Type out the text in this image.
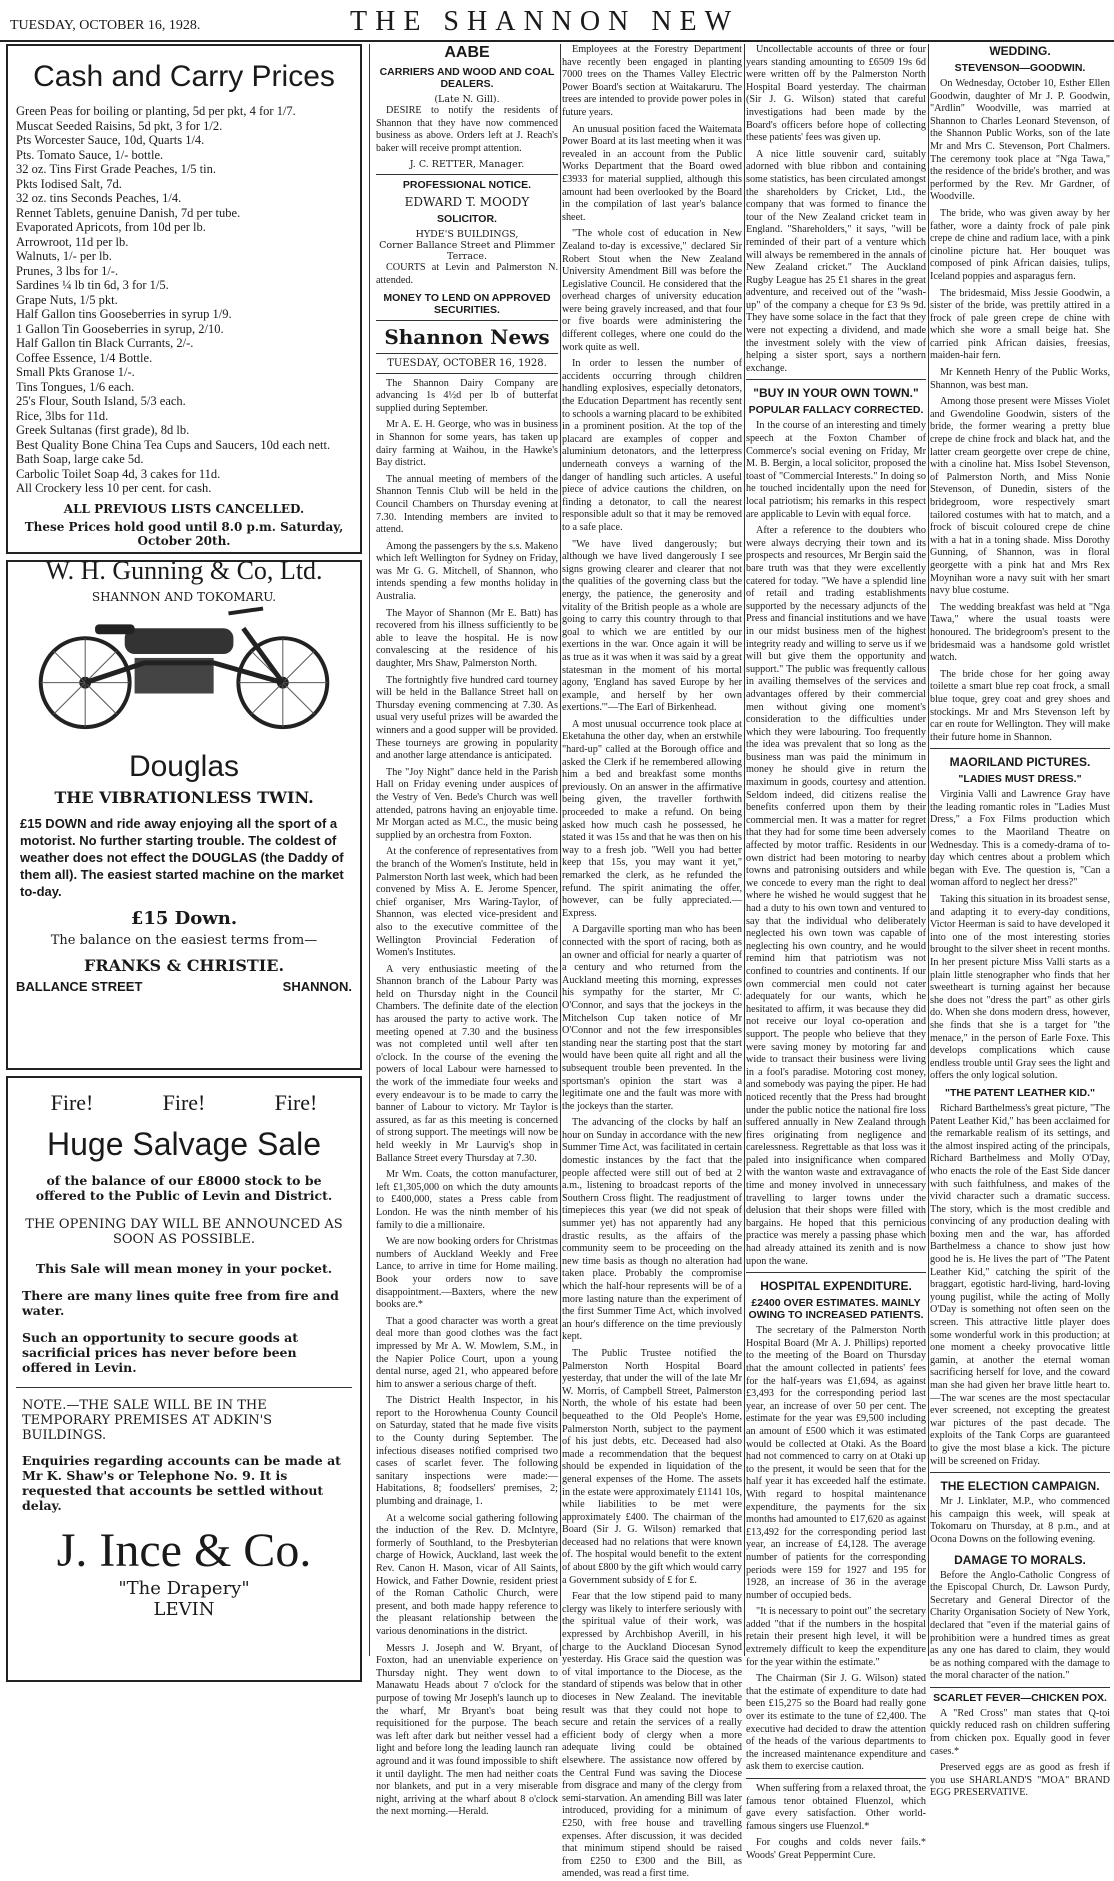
TUESDAY, OCTOBER 16, 1928.	THE SHANNON NEW
Cash and Carry Prices
Green Peas for boiling or planting, 5d per pkt, 4 for 1/7.
Muscat Seeded Raisins, 5d pkt, 3 for 1/2.
Pts Worcester Sauce, 10d, Quarts 1/4.
Pts. Tomato Sauce, 1/- bottle.
32 oz. Tins First Grade Peaches, 1/5 tin.
Pkts Iodised Salt, 7d.
32 oz. tins Seconds Peaches, 1/4.
Rennet Tablets, genuine Danish, 7d per tube.
Evaporated Apricots, from 10d per lb.
Arrowroot, 11d per lb.
Walnuts, 1/- per lb.
Prunes, 3 lbs for 1/-.
Sardines ¼ lb tin 6d, 3 for 1/5.
Grape Nuts, 1/5 pkt.
Half Gallon tins Gooseberries in syrup 1/9.
1 Gallon Tin Gooseberries in syrup, 2/10.
Half Gallon tin Black Currants, 2/-.
Coffee Essence, 1/4 Bottle.
Small Pkts Granose 1/-.
Tins Tongues, 1/6 each.
25's Flour, South Island, 5/3 each.
Rice, 3lbs for 11d.
Greek Sultanas (first grade), 8d lb.
Best Quality Bone China Tea Cups and Saucers, 10d each nett.
Bath Soap, large cake 5d.
Carbolic Toilet Soap 4d, 3 cakes for 11d.
All Crockery less 10 per cent. for cash.
ALL PREVIOUS LISTS CANCELLED.
These Prices hold good until 8.0 p.m. Saturday, October 20th.
W. H. Gunning & Co, Ltd.
SHANNON AND TOKOMARU.
Douglas
THE VIBRATIONLESS TWIN.
£15 DOWN and ride away enjoying all the sport of a motorist. No further starting trouble. The coldest of weather does not effect the DOUGLAS (the Daddy of them all). The easiest started machine on the market to-day.
£15 Down.
The balance on the easiest terms from—
FRANKS & CHRISTIE.
BALLANCE STREET	SHANNON.
Fire!	Fire!	Fire!
Huge Salvage Sale
of the balance of our £8000 stock to be offered to the Public of Levin and District.
THE OPENING DAY WILL BE ANNOUNCED AS SOON AS POSSIBLE.
This Sale will mean money in your pocket.
There are many lines quite free from fire and water.
Such an opportunity to secure goods at sacrificial prices has never before been offered in Levin.
NOTE.—THE SALE WILL BE IN THE TEMPORARY PREMISES AT ADKIN'S BUILDINGS.
Enquiries regarding accounts can be made at Mr K. Shaw's or Telephone No. 9. It is requested that accounts be settled without delay.
J. Ince & Co.
"The Drapery"
LEVIN
AABE
CARRIERS AND WOOD AND COAL DEALERS.
(Late N. Gill).
DESIRE to notify the residents of Shannon that they have now commenced business as above. Orders left at J. Reach's baker will receive prompt attention.
J. C. RETTER, Manager.
PROFESSIONAL NOTICE.
EDWARD T. MOODY
SOLICITOR.
HYDE'S BUILDINGS,
Corner Ballance Street and Plimmer Terrace.
COURTS at Levin and Palmerston N. attended.
MONEY TO LEND ON APPROVED SECURITIES.
Shannon News
TUESDAY, OCTOBER 16, 1928.
The Shannon Dairy Company are advancing 1s 4½d per lb of butterfat supplied during September.
Mr A. E. H. George, who was in business in Shannon for some years, has taken up dairy farming at Waihou, in the Hawke's Bay district.
The annual meeting of members of the Shannon Tennis Club will be held in the Council Chambers on Thursday evening at 7.30. Intending members are invited to attend.
Among the passengers by the s.s. Makeno which left Wellington for Sydney on Friday, was Mr G. G. Mitchell, of Shannon, who intends spending a few months holiday in Australia.
The Mayor of Shannon (Mr E. Batt) has recovered from his illness sufficiently to be able to leave the hospital. He is now convalescing at the residence of his daughter, Mrs Shaw, Palmerston North.
The fortnightly five hundred card tourney will be held in the Ballance Street hall on Thursday evening commencing at 7.30. As usual very useful prizes will be awarded the winners and a good supper will be provided. These tourneys are growing in popularity and another large attendance is anticipated.
The "Joy Night" dance held in the Parish Hall on Friday evening under auspices of the Vestry of Ven. Bede's Church was well attended, patrons having an enjoyable time. Mr Morgan acted as M.C., the music being supplied by an orchestra from Foxton.
At the conference of representatives from the branch of the Women's Institute, held in Palmerston North last week, which had been convened by Miss A. E. Jerome Spencer, chief organiser, Mrs Waring-Taylor, of Shannon, was elected vice-president and also to the executive committee of the Wellington Provincial Federation of Women's Institutes.
A very enthusiastic meeting of the Shannon branch of the Labour Party was held on Thursday night in the Council Chambers. The definite date of the election has aroused the party to active work. The meeting opened at 7.30 and the business was not completed until well after ten o'clock. In the course of the evening the powers of local Labour were harnessed to the work of the immediate four weeks and every endeavour is to be made to carry the banner of Labour to victory. Mr Taylor is assured, as far as this meeting is concerned of strong support. The meetings will now be held weekly in Mr Laurvig's shop in Ballance Street every Thursday at 7.30.
Mr Wm. Coats, the cotton manufacturer, left £1,305,000 on which the duty amounts to £400,000, states a Press cable from London. He was the ninth member of his family to die a millionaire.
We are now booking orders for Christmas numbers of Auckland Weekly and Free Lance, to arrive in time for Home mailing. Book your orders now to save disappointment.—Baxters, where the new books are.*
That a good character was worth a great deal more than good clothes was the fact impressed by Mr A. W. Mowlem, S.M., in the Napier Police Court, upon a young dental nurse, aged 21, who appeared before him to answer a serious charge of theft.
The District Health Inspector, in his report to the Horowhenua County Council on Saturday, stated that he made five visits to the County during September. The infectious diseases notified comprised two cases of scarlet fever. The following sanitary inspections were made:—Habitations, 8; foodsellers' premises, 2; plumbing and drainage, 1.
At a welcome social gathering following the induction of the Rev. D. McIntyre, formerly of Southland, to the Presbyterian charge of Howick, Auckland, last week the Rev. Canon H. Mason, vicar of All Saints, Howick, and Father Downie, resident priest of the Roman Catholic Church, were present, and both made happy reference to the pleasant relationship between the various denominations in the district.
Messrs J. Joseph and W. Bryant, of Foxton, had an unenviable experience on Thursday night. They went down to Manawatu Heads about 7 o'clock for the purpose of towing Mr Joseph's launch up to the wharf, Mr Bryant's boat being requisitioned for the purpose. The beach was left after dark but neither vessel had a light and before long the leading launch ran aground and it was found impossible to shift it until daylight. The men had neither coats nor blankets, and put in a very miserable night, arriving at the wharf about 8 o'clock the next morning.—Herald.
Employees at the Forestry Department have recently been engaged in planting 7000 trees on the Thames Valley Electric Power Board's section at Waitakaruru. The trees are intended to provide power poles in future years.
An unusual position faced the Waitemata Power Board at its last meeting when it was revealed in an account from the Public Works Department that the Board owed £3933 for material supplied, although this amount had been overlooked by the Board in the compilation of last year's balance sheet.
"The whole cost of education in New Zealand to-day is excessive," declared Sir Robert Stout when the New Zealand University Amendment Bill was before the Legislative Council. He considered that the overhead charges of university education were being gravely increased, and that four or five boards were administering the different colleges, where one could do the work quite as well.
In order to lessen the number of accidents occurring through children handling explosives, especially detonators, the Education Department has recently sent to schools a warning placard to be exhibited in a prominent position. At the top of the placard are examples of copper and aluminium detonators, and the letterpress underneath conveys a warning of the danger of handling such articles. A useful piece of advice cautions the children, on finding a detonator, to call the nearest responsible adult so that it may be removed to a safe place.
"We have lived dangerously; but although we have lived dangerously I see signs growing clearer and clearer that not the qualities of the governing class but the energy, the patience, the generosity and vitality of the British people as a whole are going to carry this country through to that goal to which we are entitled by our exertions in the war. Once again it will be as true as it was when it was said by a great statesman in the moment of his mortal agony, 'England has saved Europe by her example, and herself by her own exertions.'"—The Earl of Birkenhead.
A most unusual occurrence took place at Eketahuna the other day, when an erstwhile "hard-up" called at the Borough office and asked the Clerk if he remembered allowing him a bed and breakfast some months previously. On an answer in the affirmative being given, the traveller forthwith proceeded to make a refund. On being asked how much cash he possessed, he stated it was 15s and that he was then on his way to a fresh job. "Well you had better keep that 15s, you may want it yet," remarked the clerk, as he refunded the refund. The spirit animating the offer, however, can be fully appreciated.—Express.
A Dargaville sporting man who has been connected with the sport of racing, both as an owner and official for nearly a quarter of a century and who returned from the Auckland meeting this morning, expresses his sympathy for the starter, Mr C. O'Connor, and says that the jockeys in the Mitchelson Cup taken notice of Mr O'Connor and not the few irresponsibles standing near the starting post that the start would have been quite all right and all the subsequent trouble been prevented. In the sportsman's opinion the start was a legitimate one and the fault was more with the jockeys than the starter.
The advancing of the clocks by half an hour on Sunday in accordance with the new Summer Time Act, was facilitated in certain domestic instances by the fact that the people affected were still out of bed at 2 a.m., listening to broadcast reports of the Southern Cross flight. The readjustment of timepieces this year (we did not speak of summer yet) has not apparently had any drastic results, as the affairs of the community seem to be proceeding on the new time basis as though no alteration had taken place. Probably the compromise which the half-hour represents will be of a more lasting nature than the experiment of the first Summer Time Act, which involved an hour's difference on the time previously kept.
The Public Trustee notified the Palmerston North Hospital Board yesterday, that under the will of the late Mr W. Morris, of Campbell Street, Palmerston North, the whole of his estate had been bequeathed to the Old People's Home, Palmerston North, subject to the payment of his just debts, etc. Deceased had also made a recommendation that the bequest should be expended in liquidation of the general expenses of the Home. The assets in the estate were approximately £1141 10s, while liabilities to be met were approximately £400. The chairman of the Board (Sir J. G. Wilson) remarked that deceased had no relations that were known of. The hospital would benefit to the extent of about £800 by the gift which would carry a Government subsidy of £ for £.
Fear that the low stipend paid to many clergy was likely to interfere seriously with the spiritual value of their work, was expressed by Archbishop Averill, in his charge to the Auckland Diocesan Synod yesterday. His Grace said the question was of vital importance to the Diocese, as the standard of stipends was below that in other dioceses in New Zealand. The inevitable result was that they could not hope to secure and retain the services of a really efficient body of clergy when a more adequate living could be obtained elsewhere. The assistance now offered by the Central Fund was saving the Diocese from disgrace and many of the clergy from semi-starvation. An amending Bill was later introduced, providing for a minimum of £250, with free house and travelling expenses. After discussion, it was decided that minimum stipend should be raised from £250 to £300 and the Bill, as amended, was read a first time.
Uncollectable accounts of three or four years standing amounting to £6509 19s 6d were written off by the Palmerston North Hospital Board yesterday. The chairman (Sir J. G. Wilson) stated that careful investigations had been made by the Board's officers before hope of collecting these patients' fees was given up.
A nice little souvenir card, suitably adorned with blue ribbon and containing some statistics, has been circulated amongst the shareholders by Cricket, Ltd., the company that was formed to finance the tour of the New Zealand cricket team in England. "Shareholders," it says, "will be reminded of their part of a venture which will always be remembered in the annals of New Zealand cricket." The Auckland Rugby League has 25 £1 shares in the great adventure, and received out of the "wash-up" of the company a cheque for £3 9s 9d. They have some solace in the fact that they were not expecting a dividend, and made the investment solely with the view of helping a sister sport, says a northern exchange.
"BUY IN YOUR OWN TOWN."
POPULAR FALLACY CORRECTED.
In the course of an interesting and timely speech at the Foxton Chamber of Commerce's social evening on Friday, Mr M. B. Bergin, a local solicitor, proposed the toast of "Commercial Interests." In doing so he touched incidentally upon the need for local patriotism; his remarks in this respect are applicable to Levin with equal force.
After a reference to the doubters who were always decrying their town and its prospects and resources, Mr Bergin said the bare truth was that they were excellently catered for today. "We have a splendid line of retail and trading establishments supported by the necessary adjuncts of the Press and financial institutions and we have in our midst business men of the highest integrity ready and willing to serve us if we will but give them the opportunity and support." The public was frequently callous in availing themselves of the services and advantages offered by their commercial men without giving one moment's consideration to the difficulties under which they were labouring. Too frequently the idea was prevalent that so long as the business man was paid the minimum in money he should give in return the maximum in goods, courtesy and attention. Seldom indeed, did citizens realise the benefits conferred upon them by their commercial men. It was a matter for regret that they had for some time been adversely affected by motor traffic. Residents in our own district had been motoring to nearby towns and patronising outsiders and while we concede to every man the right to deal where he wished he would suggest that he had a duty to his own town and ventured to say that the individual who deliberately neglected his own town was capable of neglecting his own country, and he would remind him that patriotism was not confined to countries and continents. If our own commercial men could not cater adequately for our wants, which he hesitated to affirm, it was because they did not receive our loyal co-operation and support. The people who believe that they were saving money by motoring far and wide to transact their business were living in a fool's paradise. Motoring cost money, and somebody was paying the piper. He had noticed recently that the Press had brought under the public notice the national fire loss suffered annually in New Zealand through fires originating from negligence and carelessness. Regrettable as that loss was it paled into insignificance when compared with the wanton waste and extravagance of time and money involved in unnecessary travelling to larger towns under the delusion that their shops were filled with bargains. He hoped that this pernicious practice was merely a passing phase which had already attained its zenith and is now upon the wane.
HOSPITAL EXPENDITURE.
£2400 OVER ESTIMATES. MAINLY OWING TO INCREASED PATIENTS.
The secretary of the Palmerston North Hospital Board (Mr A. J. Phillips) reported to the meeting of the Board on Thursday that the amount collected in patients' fees for the half-years was £1,694, as against £3,493 for the corresponding period last year, an increase of over 50 per cent. The estimate for the year was £9,500 including an amount of £500 which it was estimated would be collected at Otaki. As the Board had not commenced to carry on at Otaki up to the present, it would be seen that for the half year it has exceeded half the estimate. With regard to hospital maintenance expenditure, the payments for the six months had amounted to £17,620 as against £13,492 for the corresponding period last year, an increase of £4,128. The average number of patients for the corresponding periods were 159 for 1927 and 195 for 1928, an increase of 36 in the average number of occupied beds.
"It is necessary to point out" the secretary added "that if the numbers in the hospital retain their present high level, it will be extremely difficult to keep the expenditure for the year within the estimate."
The Chairman (Sir J. G. Wilson) stated that the estimate of expenditure to date had been £15,275 so the Board had really gone over its estimate to the tune of £2,400. The executive had decided to draw the attention of the heads of the various departments to the increased maintenance expenditure and ask them to exercise caution.
When suffering from a relaxed throat, the famous tenor obtained Fluenzol, which gave every satisfaction. Other world-famous singers use Fluenzol.*
For coughs and colds never fails.* Woods' Great Peppermint Cure.
WEDDING.
STEVENSON—GOODWIN.
On Wednesday, October 10, Esther Ellen Goodwin, daughter of Mr J. P. Goodwin, "Ardlin" Woodville, was married at Shannon to Charles Leonard Stevenson, of the Shannon Public Works, son of the late Mr and Mrs C. Stevenson, Port Chalmers. The ceremony took place at "Nga Tawa," the residence of the bride's brother, and was performed by the Rev. Mr Gardner, of Woodville.
The bride, who was given away by her father, wore a dainty frock of pale pink crepe de chine and radium lace, with a pink cinoline picture hat. Her bouquet was composed of pink African daisies, tulips, Iceland poppies and asparagus fern.
The bridesmaid, Miss Jessie Goodwin, a sister of the bride, was prettily attired in a frock of pale green crepe de chine with which she wore a small beige hat. She carried pink African daisies, freesias, maiden-hair fern.
Mr Kenneth Henry of the Public Works, Shannon, was best man.
Among those present were Misses Violet and Gwendoline Goodwin, sisters of the bride, the former wearing a pretty blue crepe de chine frock and black hat, and the latter cream georgette over crepe de chine, with a cinoline hat. Miss Isobel Stevenson, of Palmerston North, and Miss Nonie Stevenson, of Dunedin, sisters of the bridegroom, wore respectively smart tailored costumes with hat to match, and a frock of biscuit coloured crepe de chine with a hat in a toning shade. Miss Dorothy Gunning, of Shannon, was in floral georgette with a pink hat and Mrs Rex Moynihan wore a navy suit with her smart navy blue costume.
The wedding breakfast was held at "Nga Tawa," where the usual toasts were honoured. The bridegroom's present to the bridesmaid was a handsome gold wristlet watch.
The bride chose for her going away toilette a smart blue rep coat frock, a small blue toque, grey coat and grey shoes and stockings. Mr and Mrs Stevenson left by car en route for Wellington. They will make their future home in Shannon.
MAORILAND PICTURES.
"LADIES MUST DRESS."
Virginia Valli and Lawrence Gray have the leading romantic roles in "Ladies Must Dress," a Fox Films production which comes to the Maoriland Theatre on Wednesday. This is a comedy-drama of to-day which centres about a problem which began with Eve. The question is, "Can a woman afford to neglect her dress?"
Taking this situation in its broadest sense, and adapting it to every-day conditions, Victor Heerman is said to have developed it into one of the most interesting stories brought to the silver sheet in recent months. In her present picture Miss Valli starts as a plain little stenographer who finds that her sweetheart is turning against her because she does not "dress the part" as other girls do. When she dons modern dress, however, she finds that she is a target for "the menace," in the person of Earle Foxe. This develops complications which cause endless trouble until Gray sees the light and offers the only logical solution.
"THE PATENT LEATHER KID."
Richard Barthelmess's great picture, "The Patent Leather Kid," has been acclaimed for the remarkable realism of its settings, and the almost inspired acting of the principals, Richard Barthelmess and Molly O'Day, who enacts the role of the East Side dancer with such faithfulness, and makes of the vivid character such a dramatic success. The story, which is the most credible and convincing of any production dealing with boxing men and the war, has afforded Barthelmess a chance to show just how good he is. He lives the part of "The Patent Leather Kid," catching the spirit of the braggart, egotistic hard-living, hard-loving young pugilist, while the acting of Molly O'Day is something not often seen on the screen. This attractive little player does some wonderful work in this production; at one moment a cheeky provocative little gamin, at another the eternal woman sacrificing herself for love, and the coward man she had given her brave little heart to.—The war scenes are the most spectacular ever screened, not excepting the greatest war pictures of the past decade. The exploits of the Tank Corps are guaranteed to give the most blase a kick. The picture will be screened on Friday.
THE ELECTION CAMPAIGN.
Mr J. Linklater, M.P., who commenced his campaign this week, will speak at Tokomaru on Thursday, at 8 p.m., and at Ocona Downs on the following evening.
DAMAGE TO MORALS.
Before the Anglo-Catholic Congress of the Episcopal Church, Dr. Lawson Purdy, Secretary and General Director of the Charity Organisation Society of New York, declared that "even if the material gains of prohibition were a hundred times as great as any one has dared to claim, they would be as nothing compared with the damage to the moral character of the nation."
SCARLET FEVER—CHICKEN POX.
A "Red Cross" man states that Q-toi quickly reduced rash on children suffering from chicken pox. Equally good in fever cases.*
Preserved eggs are as good as fresh if you use SHARLAND'S "MOA" BRAND EGG PRESERVATIVE.
